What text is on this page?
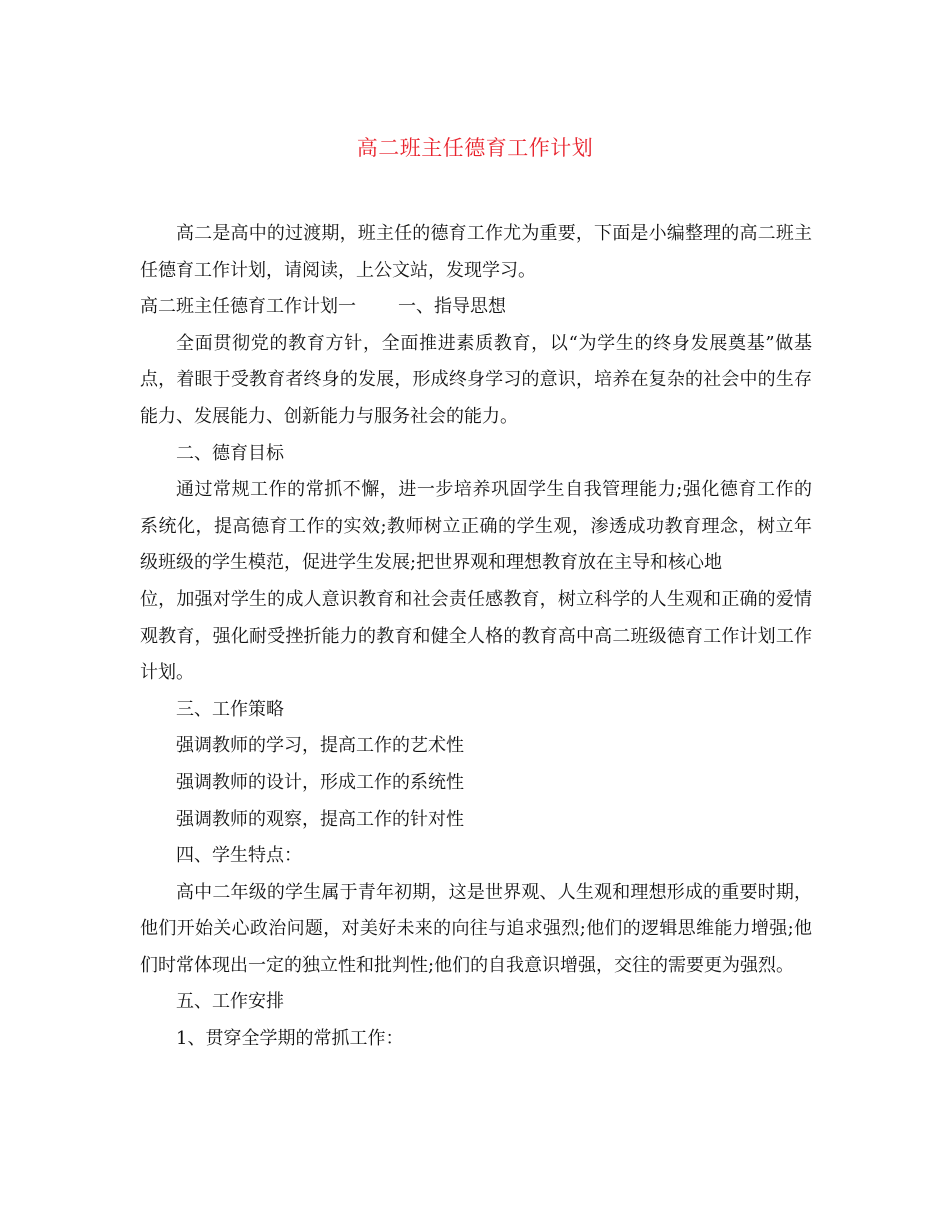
高二班主任德育工作计划

高二是高中的过渡期，班主任的德育工作尤为重要，下面是小编整理的高二班主任德育工作计划，请阅读，上公文站，发现学习。

高二班主任德育工作计划一 一、指导思想

全面贯彻党的教育方针，全面推进素质教育，以“为学生的终身发展奠基”做基点，着眼于受教育者终身的发展，形成终身学习的意识，培养在复杂的社会中的生存能力、发展能力、创新能力与服务社会的能力。

二、德育目标

通过常规工作的常抓不懈，进一步培养巩固学生自我管理能力;强化德育工作的系统化，提高德育工作的实效;教师树立正确的学生观，渗透成功教育理念，树立年级班级的学生模范，促进学生发展;把世界观和理想教育放在主导和核心地

位，加强对学生的成人意识教育和社会责任感教育，树立科学的人生观和正确的爱情观教育，强化耐受挫折能力的教育和健全人格的教育高中高二班级德育工作计划工作计划。

三、工作策略

强调教师的学习，提高工作的艺术性

强调教师的设计，形成工作的系统性

强调教师的观察，提高工作的针对性

四、学生特点：

高中二年级的学生属于青年初期，这是世界观、人生观和理想形成的重要时期，他们开始关心政治问题，对美好未来的向往与追求强烈;他们的逻辑思维能力增强;他们时常体现出一定的独立性和批判性;他们的自我意识增强，交往的需要更为强烈。

五、工作安排

1、贯穿全学期的常抓工作：
